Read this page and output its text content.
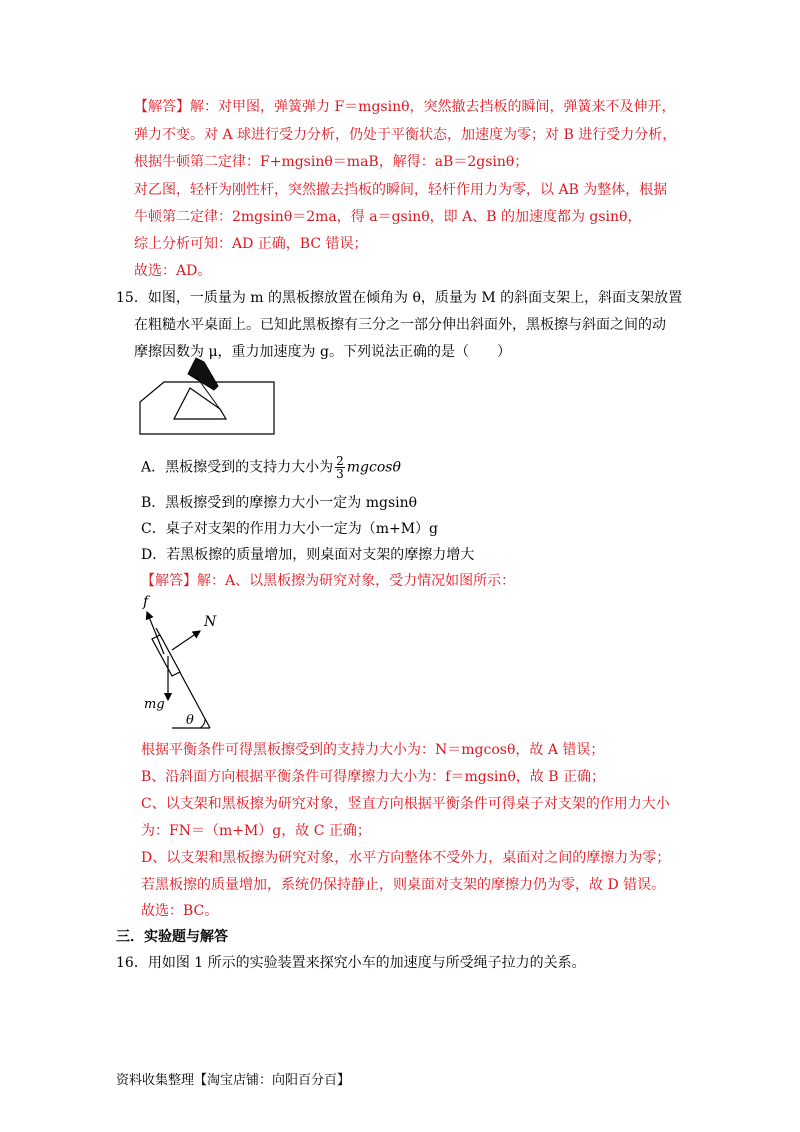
【解答】解：对甲图，弹簧弹力 F＝mgsinθ，突然撤去挡板的瞬间，弹簧来不及伸开，
弹力不变。对 A 球进行受力分析，仍处于平衡状态，加速度为零；对 B 进行受力分析，
根据牛顿第二定律：F+mgsinθ＝maB，解得：aB＝2gsinθ；
对乙图，轻杆为刚性杆，突然撤去挡板的瞬间，轻杆作用力为零，以 AB 为整体，根据
牛顿第二定律：2mgsinθ＝2ma，得 a＝gsinθ，即 A、B 的加速度都为 gsinθ，
综上分析可知：AD 正确，BC 错误；
故选：AD。
15．如图，一质量为 m 的黑板擦放置在倾角为 θ，质量为 M 的斜面支架上，斜面支架放置
在粗糙水平桌面上。已知此黑板擦有三分之一部分伸出斜面外，黑板擦与斜面之间的动
摩擦因数为 μ，重力加速度为 g。下列说法正确的是（　　）
A．黑板擦受到的支持力大小为 $\frac{2}{3}$ mgcosθ
B．黑板擦受到的摩擦力大小一定为 mgsinθ
C．桌子对支架的作用力大小一定为（m+M）g
D．若黑板擦的质量增加，则桌面对支架的摩擦力增大
【解答】解：A、以黑板擦为研究对象，受力情况如图所示：
f
N
mg
θ
根据平衡条件可得黑板擦受到的支持力大小为：N＝mgcosθ，故 A 错误；
B、沿斜面方向根据平衡条件可得摩擦力大小为：f＝mgsinθ，故 B 正确；
C、以支架和黑板擦为研究对象，竖直方向根据平衡条件可得桌子对支架的作用力大小
为：FN＝（m+M）g，故 C 正确；
D、以支架和黑板擦为研究对象，水平方向整体不受外力，桌面对之间的摩擦力为零；
若黑板擦的质量增加，系统仍保持静止，则桌面对支架的摩擦力仍为零，故 D 错误。
故选：BC。
三．实验题与解答
16．用如图 1 所示的实验装置来探究小车的加速度与所受绳子拉力的关系。
资料收集整理【淘宝店铺：向阳百分百】
